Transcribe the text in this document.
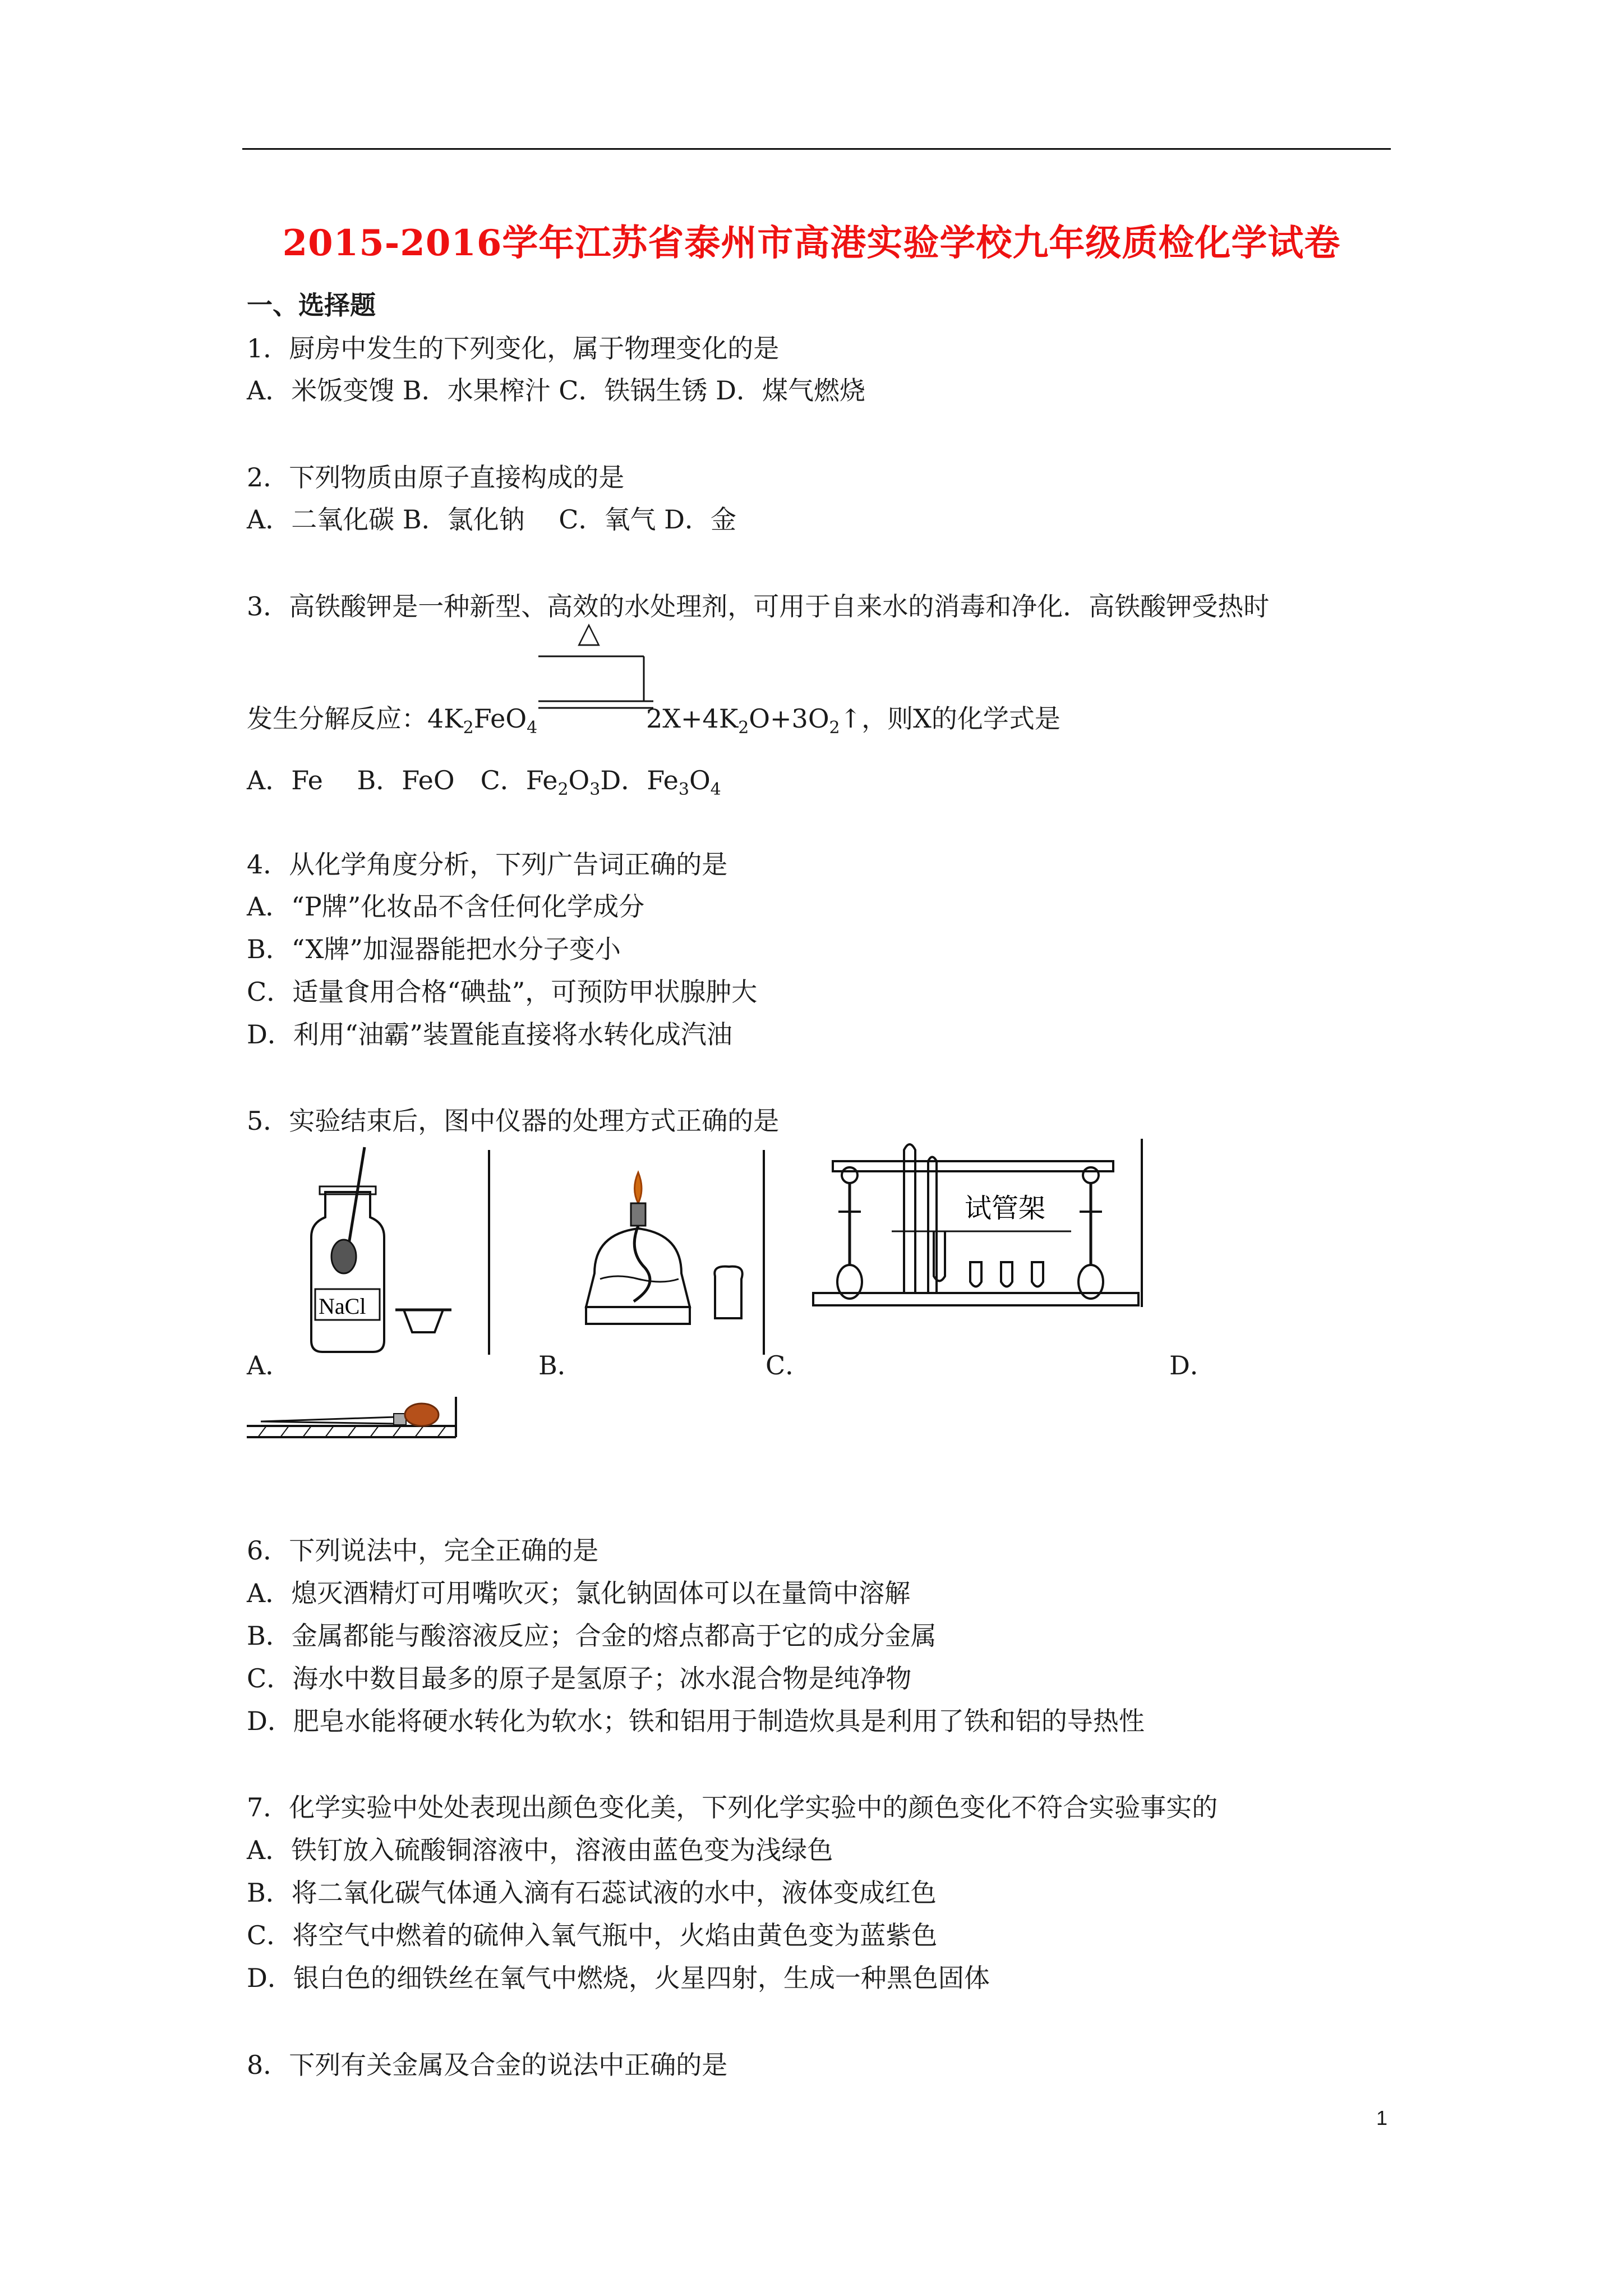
2015-2016学年江苏省泰州市高港实验学校九年级质检化学试卷
一、选择题
1．厨房中发生的下列变化，属于物理变化的是
A．米饭变馊 B．水果榨汁 C．铁锅生锈 D．煤气燃烧
2．下列物质由原子直接构成的是
A．二氧化碳 B．氯化钠　 C．氧气 D．金
3．高铁酸钾是一种新型、高效的水处理剂，可用于自来水的消毒和净化．高铁酸钾受热时
△
发生分解反应：$4K_2FeO_4$	$2X+4K_2O+3O_2↑$，则X的化学式是
A．Fe　 B．FeO　C．$Fe_2O_3D$．$Fe_3O_4$
4．从化学角度分析，下列广告词正确的是
A．“P牌”化妆品不含任何化学成分
B．“X牌”加湿器能把水分子变小
C．适量食用合格“碘盐”，可预防甲状腺肿大
D．利用“油霸”装置能直接将水转化成汽油
5．实验结束后，图中仪器的处理方式正确的是
NaCl
试管架
A．	B．	C．	D．
6．下列说法中，完全正确的是
A．熄灭酒精灯可用嘴吹灭；氯化钠固体可以在量筒中溶解
B．金属都能与酸溶液反应；合金的熔点都高于它的成分金属
C．海水中数目最多的原子是氢原子；冰水混合物是纯净物
D．肥皂水能将硬水转化为软水；铁和铝用于制造炊具是利用了铁和铝的导热性
7．化学实验中处处表现出颜色变化美，下列化学实验中的颜色变化不符合实验事实的
A．铁钉放入硫酸铜溶液中，溶液由蓝色变为浅绿色
B．将二氧化碳气体通入滴有石蕊试液的水中，液体变成红色
C．将空气中燃着的硫伸入氧气瓶中，火焰由黄色变为蓝紫色
D．银白色的细铁丝在氧气中燃烧，火星四射，生成一种黑色固体
8．下列有关金属及合金的说法中正确的是
1
